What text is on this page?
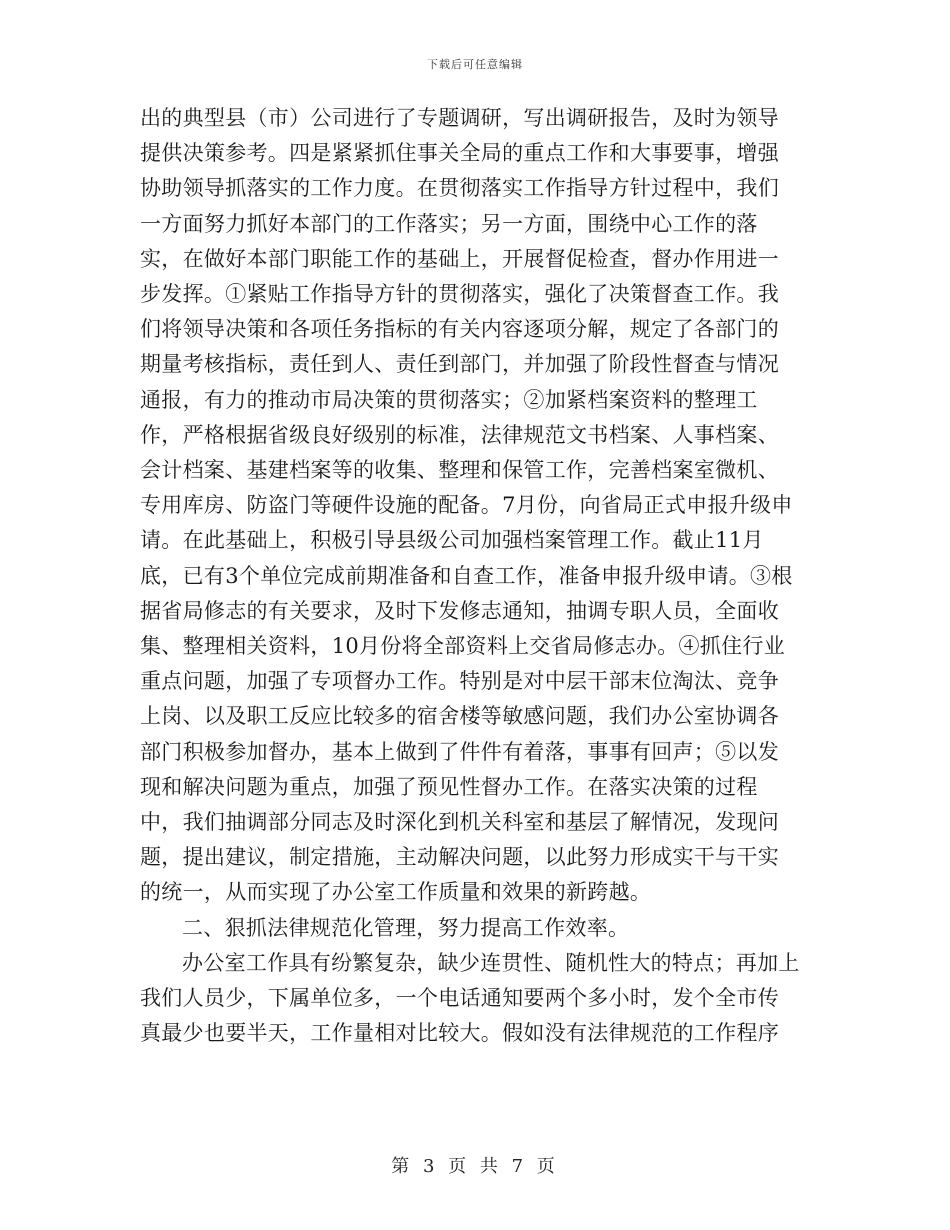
下载后可任意编辑

出的典型县（市）公司进行了专题调研，写出调研报告，及时为领导提供决策参考。四是紧紧抓住事关全局的重点工作和大事要事，增强协助领导抓落实的工作力度。在贯彻落实工作指导方针过程中，我们一方面努力抓好本部门的工作落实；另一方面，围绕中心工作的落实，在做好本部门职能工作的基础上，开展督促检查，督办作用进一步发挥。①紧贴工作指导方针的贯彻落实，强化了决策督查工作。我们将领导决策和各项任务指标的有关内容逐项分解，规定了各部门的期量考核指标，责任到人、责任到部门，并加强了阶段性督查与情况通报，有力的推动市局决策的贯彻落实；②加紧档案资料的整理工作，严格根据省级良好级别的标准，法律规范文书档案、人事档案、会计档案、基建档案等的收集、整理和保管工作，完善档案室微机、专用库房、防盗门等硬件设施的配备。7月份，向省局正式申报升级申请。在此基础上，积极引导县级公司加强档案管理工作。截止11月底，已有3个单位完成前期准备和自查工作，准备申报升级申请。③根据省局修志的有关要求，及时下发修志通知，抽调专职人员，全面收集、整理相关资料，10月份将全部资料上交省局修志办。④抓住行业重点问题，加强了专项督办工作。特别是对中层干部末位淘汰、竞争上岗、以及职工反应比较多的宿舍楼等敏感问题，我们办公室协调各部门积极参加督办，基本上做到了件件有着落，事事有回声；⑤以发现和解决问题为重点，加强了预见性督办工作。在落实决策的过程中，我们抽调部分同志及时深化到机关科室和基层了解情况，发现问题，提出建议，制定措施，主动解决问题，以此努力形成实干与干实的统一，从而实现了办公室工作质量和效果的新跨越。

二、狠抓法律规范化管理，努力提高工作效率。

办公室工作具有纷繁复杂，缺少连贯性、随机性大的特点；再加上我们人员少，下属单位多，一个电话通知要两个多小时，发个全市传真最少也要半天，工作量相对比较大。假如没有法律规范的工作程序

第 3 页 共 7 页
